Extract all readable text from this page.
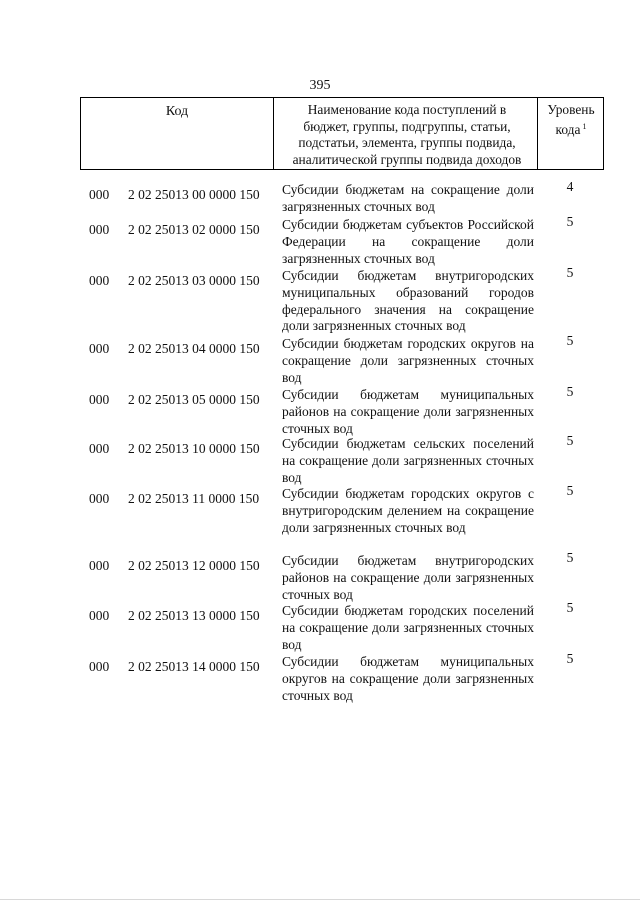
395
Код	Наименование кода поступлений в
бюджет, группы, подгруппы, статьи,
подстатьи, элемента, группы подвида,
аналитической группы подвида доходов
Уровень
кода $^1$
000 2 02 25013 00 0000 150 Субсидии бюджетам на сокращение доли загрязненных сточных вод
4
000 2 02 25013 02 0000 150 Субсидии бюджетам субъектов Российской Федерации на сокращение доли загрязненных сточных вод
5
000 2 02 25013 03 0000 150 Субсидии бюджетам внутригородских муниципальных образований городов федерального значения на сокращение доли загрязненных сточных вод
5
000 2 02 25013 04 0000 150 Субсидии бюджетам городских округов на сокращение доли загрязненных сточных вод
5
000 2 02 25013 05 0000 150 Субсидии бюджетам муниципальных районов на сокращение доли загрязненных сточных вод
5
000 2 02 25013 10 0000 150 Субсидии бюджетам сельских поселений на сокращение доли загрязненных сточных вод
5
000 2 02 25013 11 0000 150 Субсидии бюджетам городских округов с внутригородским делением на сокращение доли загрязненных сточных вод
5
000 2 02 25013 12 0000 150 Субсидии бюджетам внутригородских районов на сокращение доли загрязненных сточных вод
5
000 2 02 25013 13 0000 150 Субсидии бюджетам городских поселений на сокращение доли загрязненных сточных вод
5
000 2 02 25013 14 0000 150 Субсидии бюджетам муниципальных округов на сокращение доли загрязненных сточных вод
5
